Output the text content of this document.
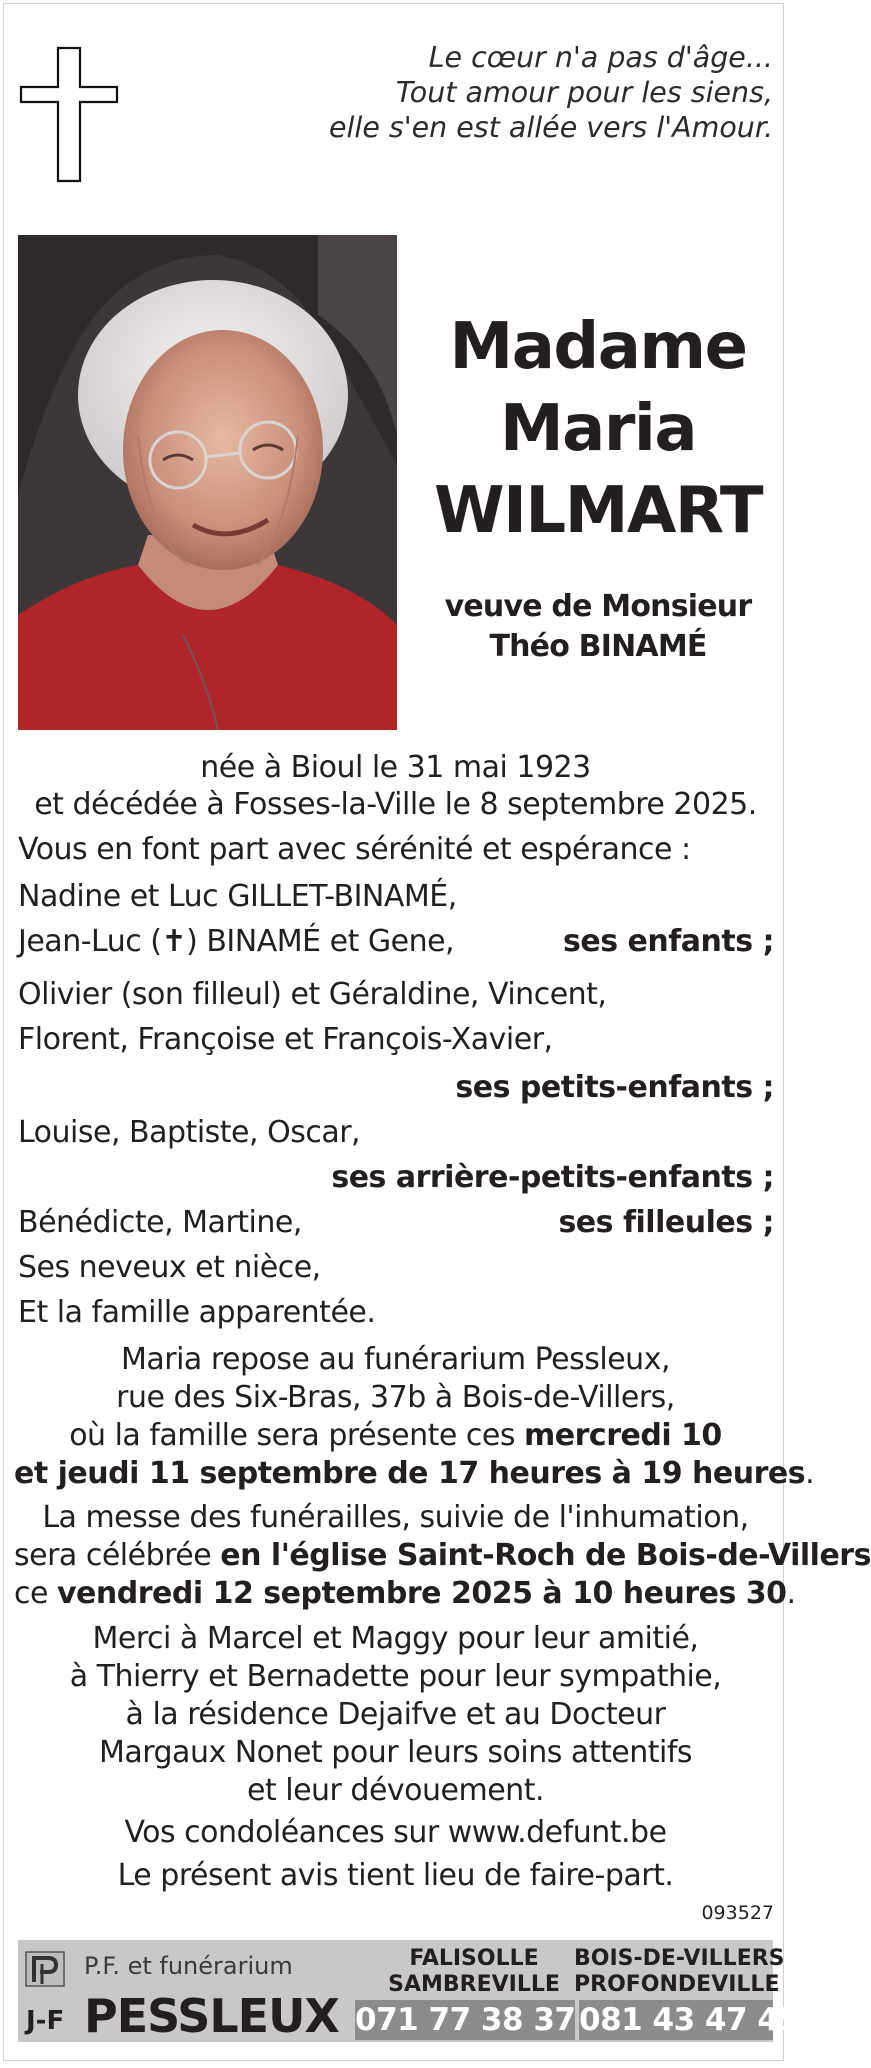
Le cœur n'a pas d'âge...
Tout amour pour les siens,
elle s'en est allée vers l'Amour.
Madame
Maria
WILMART
veuve de Monsieur
Théo BINAMÉ
née à Bioul le 31 mai 1923
et décédée à Fosses-la-Ville le 8 septembre 2025.
Vous en font part avec sérénité et espérance :
Nadine et Luc GILLET-BINAMÉ,
Jean-Luc (✝) BINAMÉ et Gene,	ses enfants ;
Olivier (son filleul) et Géraldine, Vincent,
Florent, Françoise et François-Xavier,
ses petits-enfants ;
Louise, Baptiste, Oscar,
ses arrière-petits-enfants ;
Bénédicte, Martine,	ses filleules ;
Ses neveux et nièce,
Et la famille apparentée.
Maria repose au funérarium Pessleux,
rue des Six-Bras, 37b à Bois-de-Villers,
où la famille sera présente ces mercredi 10
et jeudi 11 septembre de 17 heures à 19 heures.
La messe des funérailles, suivie de l'inhumation,
sera célébrée en l'église Saint-Roch de Bois-de-Villers
ce vendredi 12 septembre 2025 à 10 heures 30.
Merci à Marcel et Maggy pour leur amitié,
à Thierry et Bernadette pour leur sympathie,
à la résidence Dejaifve et au Docteur
Margaux Nonet pour leurs soins attentifs
et leur dévouement.
Vos condoléances sur www.defunt.be
Le présent avis tient lieu de faire-part.
093527
P.F. et funérarium
J-F PESSLEUX
FALISOLLE
SAMBREVILLE
071 77 38 37
BOIS-DE-VILLERS
PROFONDEVILLE
081 43 47 45
